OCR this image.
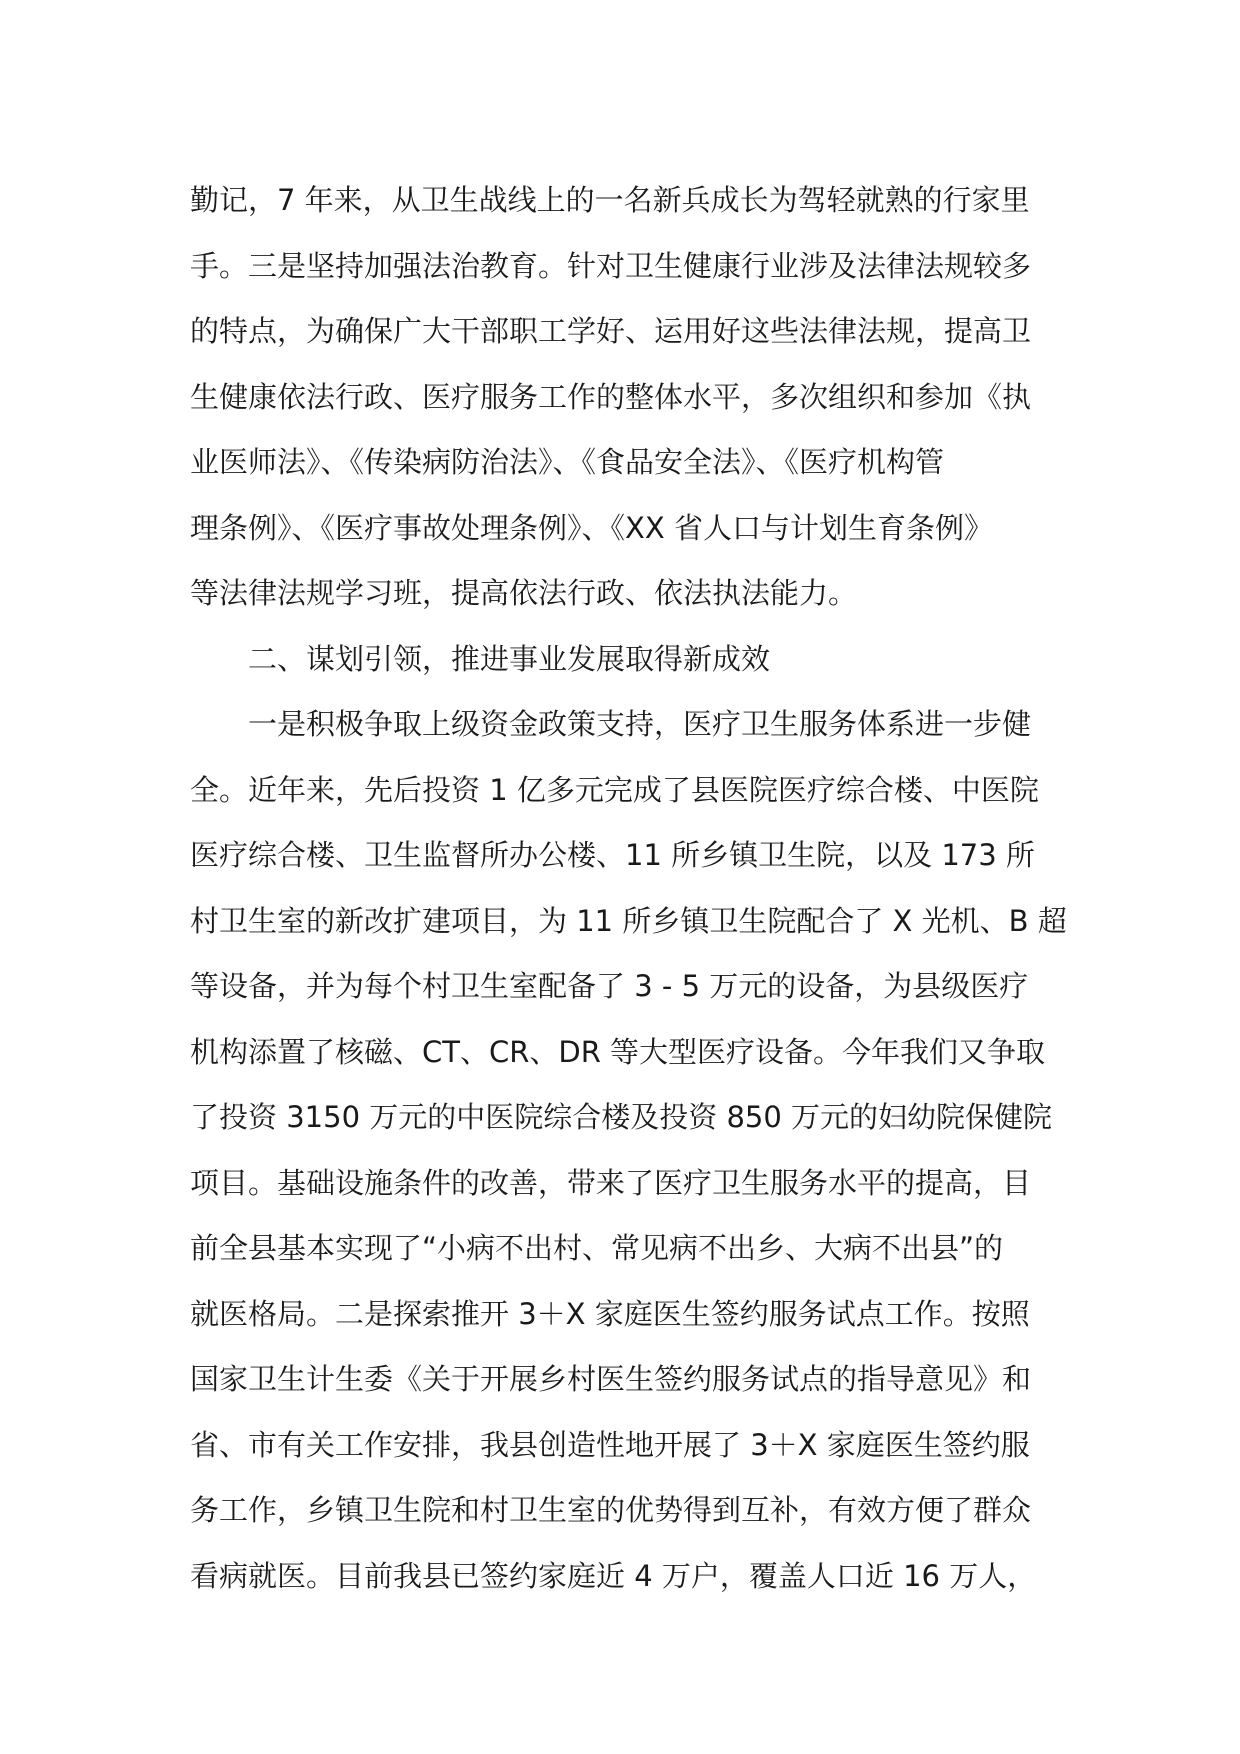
勤记，7 年来，从卫生战线上的一名新兵成长为驾轻就熟的行家里
手。三是坚持加强法治教育。针对卫生健康行业涉及法律法规较多
的特点，为确保广大干部职工学好、运用好这些法律法规，提高卫
生健康依法行政、医疗服务工作的整体水平，多次组织和参加《执
业医师法》、《传染病防治法》、《食品安全法》、《医疗机构管
理条例》、《医疗事故处理条例》、《XX 省人口与计划生育条例》
等法律法规学习班，提高依法行政、依法执法能力。
二、谋划引领，推进事业发展取得新成效
一是积极争取上级资金政策支持，医疗卫生服务体系进一步健
全。近年来，先后投资 1 亿多元完成了县医院医疗综合楼、中医院
医疗综合楼、卫生监督所办公楼、11 所乡镇卫生院，以及 173 所
村卫生室的新改扩建项目，为 11 所乡镇卫生院配合了 X 光机、B 超
等设备，并为每个村卫生室配备了 3 - 5 万元的设备，为县级医疗
机构添置了核磁、CT、CR、DR 等大型医疗设备。今年我们又争取
了投资 3150 万元的中医院综合楼及投资 850 万元的妇幼院保健院
项目。基础设施条件的改善，带来了医疗卫生服务水平的提高，目
前全县基本实现了“小病不出村、常见病不出乡、大病不出县”的
就医格局。二是探索推开 3＋X 家庭医生签约服务试点工作。按照
国家卫生计生委《关于开展乡村医生签约服务试点的指导意见》和
省、市有关工作安排，我县创造性地开展了 3＋X 家庭医生签约服
务工作，乡镇卫生院和村卫生室的优势得到互补，有效方便了群众
看病就医。目前我县已签约家庭近 4 万户，覆盖人口近 16 万人，
